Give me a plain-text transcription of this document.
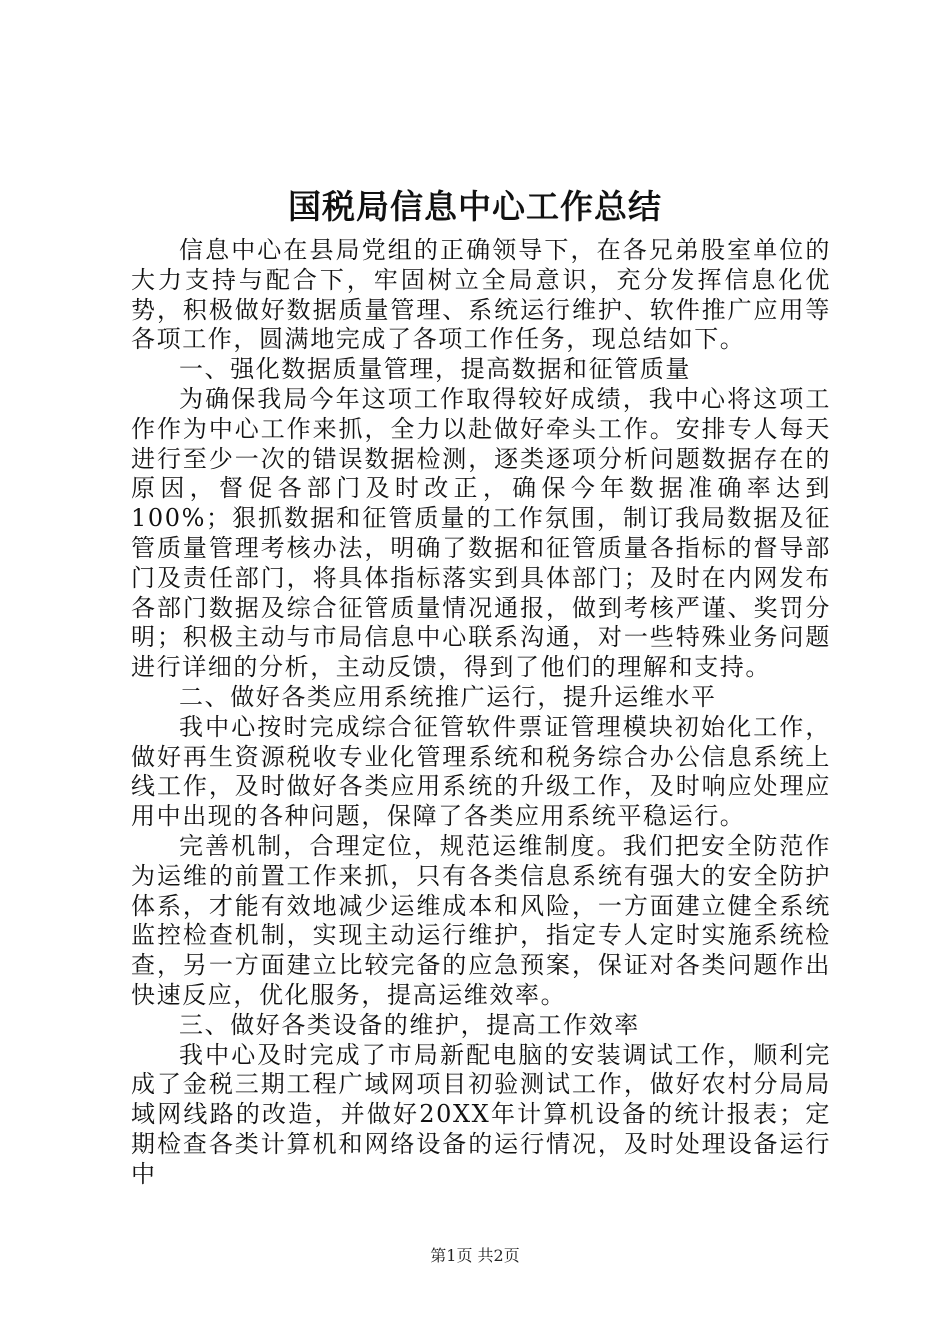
国税局信息中心工作总结

信息中心在县局党组的正确领导下，在各兄弟股室单位的大力支持与配合下，牢固树立全局意识，充分发挥信息化优势，积极做好数据质量管理、系统运行维护、软件推广应用等各项工作，圆满地完成了各项工作任务，现总结如下。

一、强化数据质量管理，提高数据和征管质量

为确保我局今年这项工作取得较好成绩，我中心将这项工作作为中心工作来抓，全力以赴做好牵头工作。安排专人每天进行至少一次的错误数据检测，逐类逐项分析问题数据存在的原因，督促各部门及时改正，确保今年数据准确率达到100%；狠抓数据和征管质量的工作氛围，制订我局数据及征管质量管理考核办法，明确了数据和征管质量各指标的督导部门及责任部门，将具体指标落实到具体部门；及时在内网发布各部门数据及综合征管质量情况通报，做到考核严谨、奖罚分明；积极主动与市局信息中心联系沟通，对一些特殊业务问题进行详细的分析，主动反馈，得到了他们的理解和支持。

二、做好各类应用系统推广运行，提升运维水平

我中心按时完成综合征管软件票证管理模块初始化工作，做好再生资源税收专业化管理系统和税务综合办公信息系统上线工作，及时做好各类应用系统的升级工作，及时响应处理应用中出现的各种问题，保障了各类应用系统平稳运行。

完善机制，合理定位，规范运维制度。我们把安全防范作为运维的前置工作来抓，只有各类信息系统有强大的安全防护体系，才能有效地减少运维成本和风险，一方面建立健全系统监控检查机制，实现主动运行维护，指定专人定时实施系统检查，另一方面建立比较完备的应急预案，保证对各类问题作出快速反应，优化服务，提高运维效率。

三、做好各类设备的维护，提高工作效率

我中心及时完成了市局新配电脑的安装调试工作，顺利完成了金税三期工程广域网项目初验测试工作，做好农村分局局域网线路的改造，并做好20XX年计算机设备的统计报表；定期检查各类计算机和网络设备的运行情况，及时处理设备运行中

第1页 共2页
